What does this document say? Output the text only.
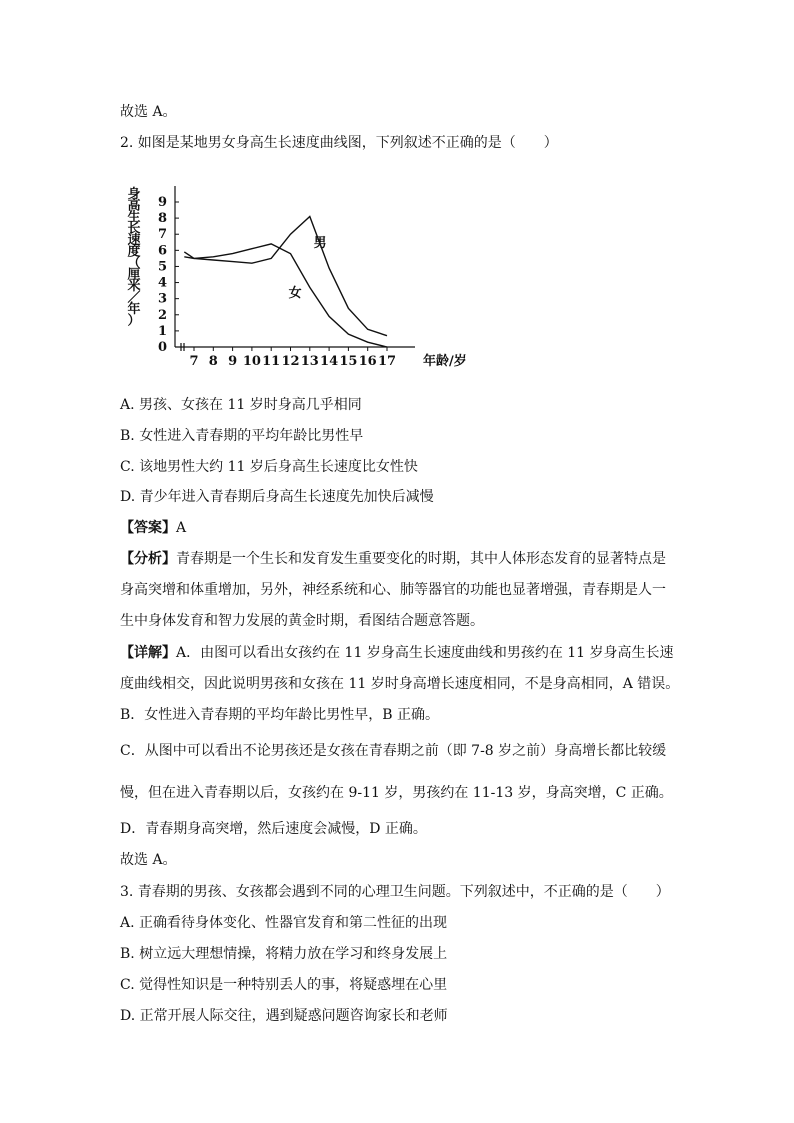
故选 A。
2. 如图是某地男女身高生长速度曲线图，下列叙述不正确的是（　　）
身
高
生
长
速
度
（
厘
米
／
年
）
0
1
2
3
4
5
6
7
8
9
7 8 9 10 11 12 13 14 15 16 17 年龄/岁
男
女
A. 男孩、女孩在 11 岁时身高几乎相同
B. 女性进入青春期的平均年龄比男性早
C. 该地男性大约 11 岁后身高生长速度比女性快
D. 青少年进入青春期后身高生长速度先加快后减慢
【答案】A
【分析】青春期是一个生长和发育发生重要变化的时期，其中人体形态发育的显著特点是
身高突增和体重增加，另外，神经系统和心、肺等器官的功能也显著增强，青春期是人一
生中身体发育和智力发展的黄金时期，看图结合题意答题。
【详解】A．由图可以看出女孩约在 11 岁身高生长速度曲线和男孩约在 11 岁身高生长速
度曲线相交，因此说明男孩和女孩在 11 岁时身高增长速度相同，不是身高相同，A 错误。
B．女性进入青春期的平均年龄比男性早，B 正确。
C．从图中可以看出不论男孩还是女孩在青春期之前（即 7-8 岁之前）身高增长都比较缓
慢，但在进入青春期以后，女孩约在 9-11 岁，男孩约在 11-13 岁，身高突增，C 正确。
D．青春期身高突增，然后速度会减慢，D 正确。
故选 A。
3. 青春期的男孩、女孩都会遇到不同的心理卫生问题。下列叙述中，不正确的是（　　）
A. 正确看待身体变化、性器官发育和第二性征的出现
B. 树立远大理想情操，将精力放在学习和终身发展上
C. 觉得性知识是一种特别丢人的事，将疑惑埋在心里
D. 正常开展人际交往，遇到疑惑问题咨询家长和老师
